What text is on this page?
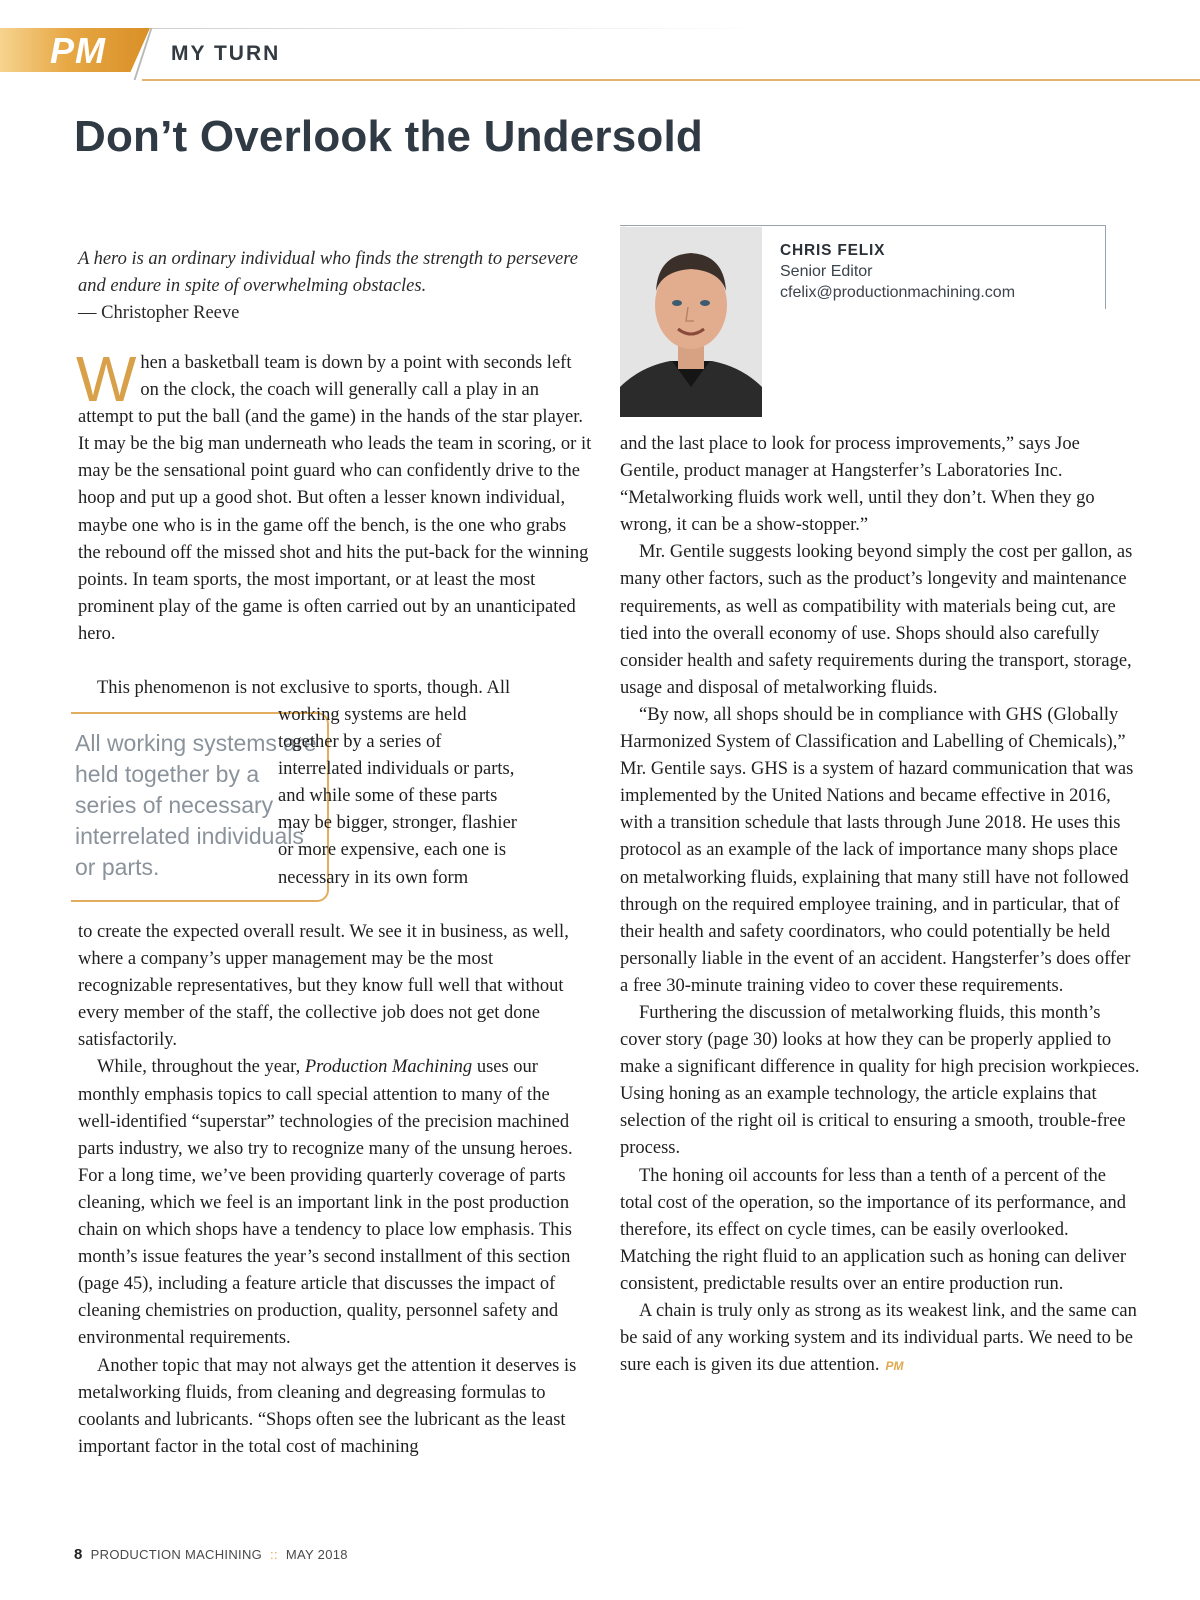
PM	MY TURN
Don’t Overlook the Undersold
A hero is an ordinary individual who finds the strength to persevere and endure in spite of overwhelming obstacles.
— Christopher Reeve

When a basketball team is down by a point with seconds left on the clock, the coach will generally call a play in an attempt to put the ball (and the game) in the hands of the star player. It may be the big man underneath who leads the team in scoring, or it may be the sensational point guard who can confidently drive to the hoop and put up a good shot. But often a lesser known individual, maybe one who is in the game off the bench, is the one who grabs the rebound off the missed shot and hits the put-back for the winning points. In team sports, the most important, or at least the most prominent play of the game is often carried out by an unanticipated hero.

This phenomenon is not exclusive to sports, though. All

All working systems are held together by a series of necessary interrelated individuals or parts.
working systems are held together by a series of interrelated individuals or parts, and while some of these parts may be bigger, stronger, flashier or more expensive, each one is necessary in its own form

to create the expected overall result. We see it in business, as well, where a company’s upper management may be the most recognizable representatives, but they know full well that without every member of the staff, the collective job does not get done satisfactorily.

While, throughout the year, Production Machining uses our monthly emphasis topics to call special attention to many of the well-identified “superstar” technologies of the precision machined parts industry, we also try to recognize many of the unsung heroes. For a long time, we’ve been providing quarterly coverage of parts cleaning, which we feel is an important link in the post production chain on which shops have a tendency to place low emphasis. This month’s issue features the year’s second installment of this section (page 45), including a feature article that discusses the impact of cleaning chemistries on production, quality, personnel safety and environmental requirements.

Another topic that may not always get the attention it deserves is metalworking fluids, from cleaning and degreasing formulas to coolants and lubricants. “Shops often see the lubricant as the least important factor in the total cost of machining

CHRIS FELIX
Senior Editor
cfelix@productionmachining.com

and the last place to look for process improvements,” says Joe Gentile, product manager at Hangsterfer’s Laboratories Inc. “Metalworking fluids work well, until they don’t. When they go wrong, it can be a show-stopper.”

Mr. Gentile suggests looking beyond simply the cost per gallon, as many other factors, such as the product’s longevity and maintenance requirements, as well as compatibility with materials being cut, are tied into the overall economy of use. Shops should also carefully consider health and safety requirements during the transport, storage, usage and disposal of metalworking fluids.

“By now, all shops should be in compliance with GHS (Globally Harmonized System of Classification and Labelling of Chemicals),” Mr. Gentile says. GHS is a system of hazard communication that was implemented by the United Nations and became effective in 2016, with a transition schedule that lasts through June 2018. He uses this protocol as an example of the lack of importance many shops place on metalworking fluids, explaining that many still have not followed through on the required employee training, and in particular, that of their health and safety coordinators, who could potentially be held personally liable in the event of an accident. Hangsterfer’s does offer a free 30-minute training video to cover these requirements.

Furthering the discussion of metalworking fluids, this month’s cover story (page 30) looks at how they can be properly applied to make a significant difference in quality for high precision workpieces. Using honing as an example technology, the article explains that selection of the right oil is critical to ensuring a smooth, trouble-free process.

The honing oil accounts for less than a tenth of a percent of the total cost of the operation, so the importance of its performance, and therefore, its effect on cycle times, can be easily overlooked. Matching the right fluid to an application such as honing can deliver consistent, predictable results over an entire production run.

A chain is truly only as strong as its weakest link, and the same can be said of any working system and its individual parts. We need to be sure each is given its due attention. PM

8 PRODUCTION MACHINING :: MAY 2018
